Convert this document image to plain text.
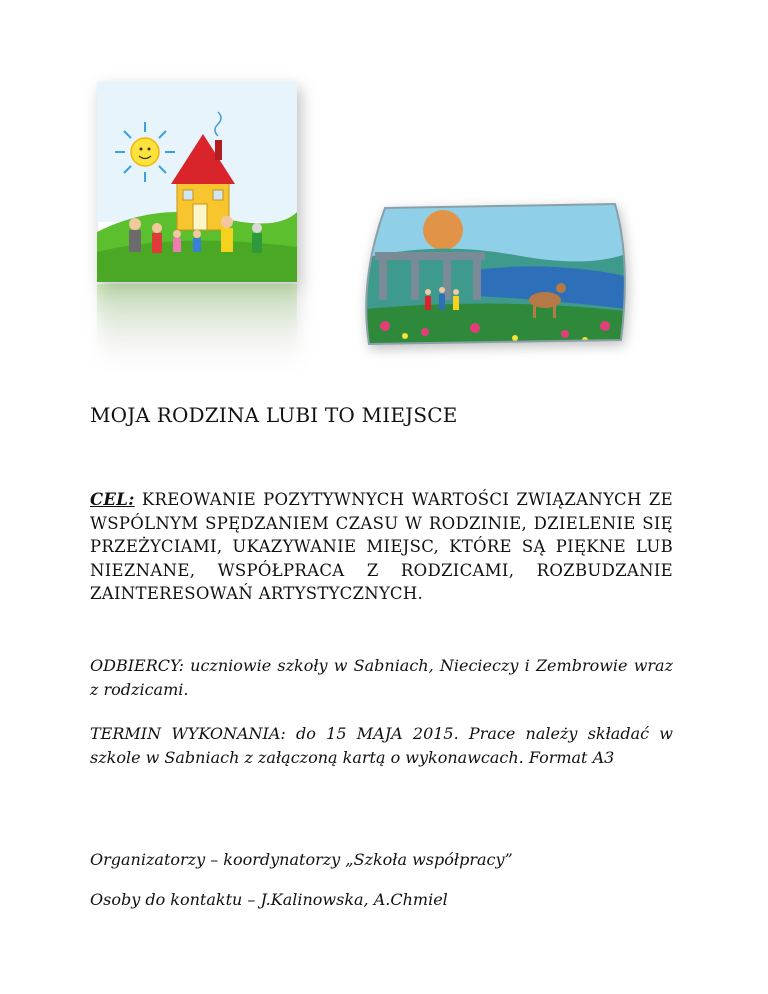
MOJA RODZINA LUBI TO MIEJSCE

CEL: KREOWANIE POZYTYWNYCH WARTOŚCI ZWIĄZANYCH ZE WSPÓLNYM SPĘDZANIEM CZASU W RODZINIE, DZIELENIE SIĘ PRZEŻYCIAMI, UKAZYWANIE MIEJSC, KTÓRE SĄ PIĘKNE LUB NIEZNANE, WSPÓŁPRACA Z RODZICAMI, ROZBUDZANIE ZAINTERESOWAŃ ARTYSTYCZNYCH.

ODBIERCY: uczniowie szkoły w Sabniach, Niecieczy i Zembrowie wraz z rodzicami.

TERMIN WYKONANIA: do 15 MAJA 2015. Prace należy składać w szkole w Sabniach z załączoną kartą o wykonawcach. Format A3

Organizatorzy – koordynatorzy „Szkoła współpracy”

Osoby do kontaktu – J.Kalinowska, A.Chmiel
